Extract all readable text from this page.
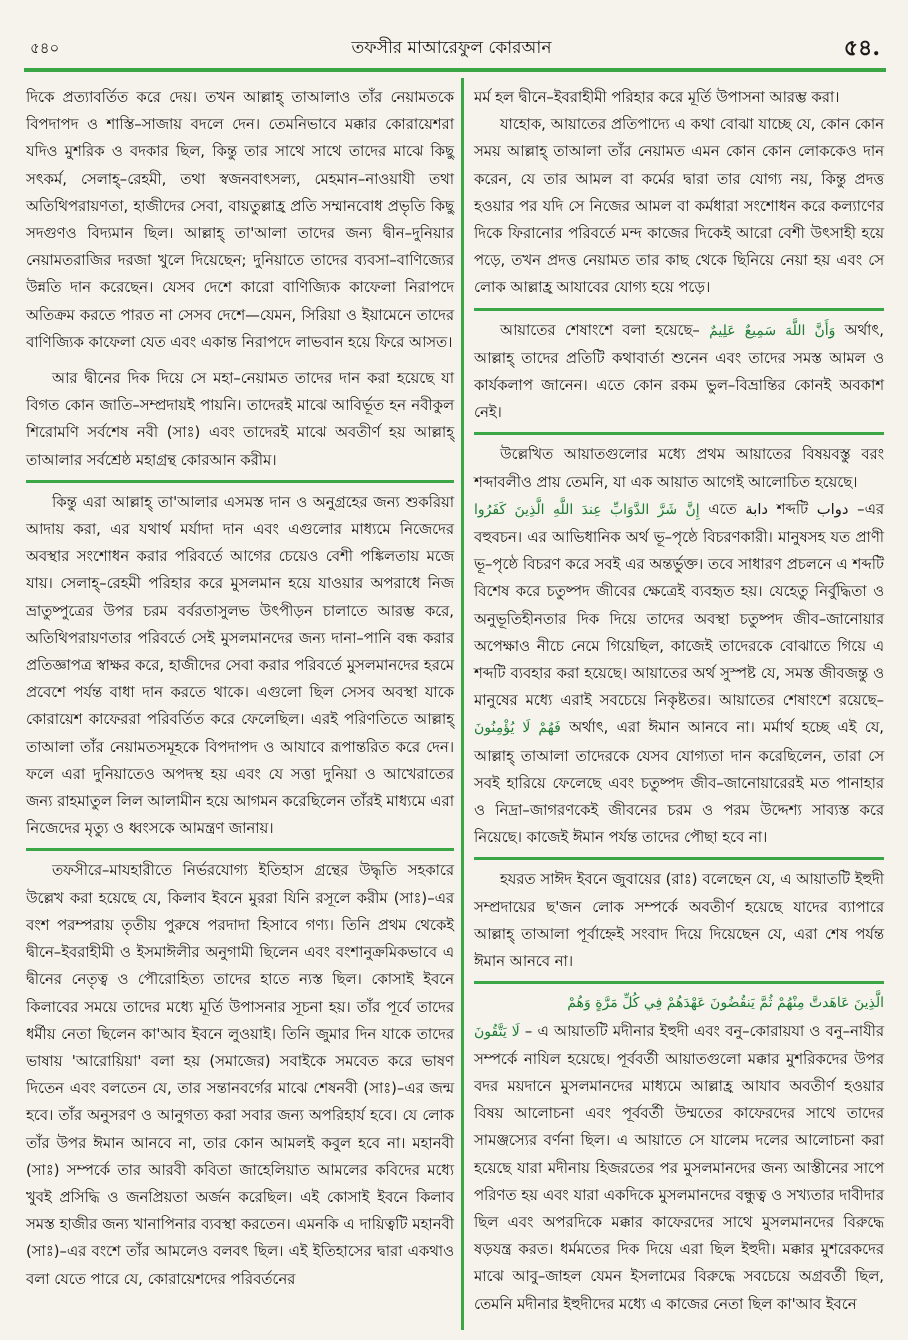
৫৪০	তফসীর মাআরেফুল কোরআন	৫৪.

দিকে প্রত্যাবর্তিত করে দেয়। তখন আল্লাহ্ তাআলাও তাঁর নেয়ামতকে বিপদাপদ ও শাস্তি–সাজায় বদলে দেন। তেমনিভাবে মক্কার কোরায়েশরা যদিও মুশরিক ও বদকার ছিল, কিন্তু তার সাথে সাথে তাদের মাঝে কিছু সৎকর্ম, সেলাহ্–রেহমী, তথা স্বজনবাৎসল্য, মেহমান–নাওয়াযী তথা অতিথিপরায়ণতা, হাজীদের সেবা, বায়তুল্লাহ্র প্রতি সম্মানবোধ প্রভৃতি কিছু সদগুণও বিদ্যমান ছিল। আল্লাহ্ তা'আলা তাদের জন্য দ্বীন–দুনিয়ার নেয়ামতরাজির দরজা খুলে দিয়েছেন; দুনিয়াতে তাদের ব্যবসা–বাণিজ্যের উন্নতি দান করেছেন। যেসব দেশে কারো বাণিজ্যিক কাফেলা নিরাপদে অতিক্রম করতে পারত না সেসব দেশে—যেমন, সিরিয়া ও ইয়ামেনে তাদের বাণিজ্যিক কাফেলা যেত এবং একান্ত নিরাপদে লাভবান হয়ে ফিরে আসত।

আর দ্বীনের দিক দিয়ে সে মহা–নেয়ামত তাদের দান করা হয়েছে যা বিগত কোন জাতি–সম্প্রদায়ই পায়নি। তাদেরই মাঝে আবির্ভূত হন নবীকুল শিরোমণি সর্বশেষ নবী (সাঃ) এবং তাদেরই মাঝে অবতীর্ণ হয় আল্লাহ্ তাআলার সর্বশ্রেষ্ঠ মহাগ্রন্থ কোরআন করীম।

কিন্তু এরা আল্লাহ্ তা'আলার এসমস্ত দান ও অনুগ্রহের জন্য শুকরিয়া আদায় করা, এর যথার্থ মর্যাদা দান এবং এগুলোর মাধ্যমে নিজেদের অবস্থার সংশোধন করার পরিবর্তে আগের চেয়েও বেশী পঙ্কিলতায় মজে যায়। সেলাহ্–রেহমী পরিহার করে মুসলমান হয়ে যাওয়ার অপরাধে নিজ ভ্রাতুষ্পুত্রের উপর চরম বর্বরতাসুলভ উৎপীড়ন চালাতে আরম্ভ করে, অতিথিপরায়ণতার পরিবর্তে সেই মুসলমানদের জন্য দানা–পানি বন্ধ করার প্রতিজ্ঞাপত্র স্বাক্ষর করে, হাজীদের সেবা করার পরিবর্তে মুসলমানদের হরমে প্রবেশে পর্যন্ত বাধা দান করতে থাকে। এগুলো ছিল সেসব অবস্থা যাকে কোরায়েশ কাফেররা পরিবর্তিত করে ফেলেছিল। এরই পরিণতিতে আল্লাহ্ তাআলা তাঁর নেয়ামতসমূহকে বিপদাপদ ও আযাবে রূপান্তরিত করে দেন। ফলে এরা দুনিয়াতেও অপদস্থ হয় এবং যে সত্তা দুনিয়া ও আখেরাতের জন্য রাহমাতুল লিল আলামীন হয়ে আগমন করেছিলেন তাঁরই মাধ্যমে এরা নিজেদের মৃত্যু ও ধ্বংসকে আমন্ত্রণ জানায়।

তফসীরে–মাযহারীতে নির্ভরযোগ্য ইতিহাস গ্রন্থের উদ্ধৃতি সহকারে উল্লেখ করা হয়েছে যে, কিলাব ইবনে মুররা যিনি রসূলে করীম (সাঃ)–এর বংশ পরম্পরায় তৃতীয় পুরুষে পরদাদা হিসাবে গণ্য। তিনি প্রথম থেকেই দ্বীনে–ইবরাহীমী ও ইসমাঈলীর অনুগামী ছিলেন এবং বংশানুক্রমিকভাবে এ দ্বীনের নেতৃত্ব ও পৌরোহিত্য তাদের হাতে ন্যস্ত ছিল। কোসাই ইবনে কিলাবের সময়ে তাদের মধ্যে মূর্তি উপাসনার সূচনা হয়। তাঁর পূর্বে তাদের ধর্মীয় নেতা ছিলেন কা'আব ইবনে লুওয়াই। তিনি জুমার দিন যাকে তাদের ভাষায় 'আরোয়িয়া' বলা হয় (সমাজের) সবাইকে সমবেত করে ভাষণ দিতেন এবং বলতেন যে, তার সন্তানবর্গের মাঝে শেষনবী (সাঃ)–এর জন্ম হবে। তাঁর অনুসরণ ও আনুগত্য করা সবার জন্য অপরিহার্য হবে। যে লোক তাঁর উপর ঈমান আনবে না, তার কোন আমলই কবুল হবে না। মহানবী (সাঃ) সম্পর্কে তার আরবী কবিতা জাহেলিয়াত আমলের কবিদের মধ্যে খুবই প্রসিদ্ধি ও জনপ্রিয়তা অর্জন করেছিল। এই কোসাই ইবনে কিলাব সমস্ত হাজীর জন্য খানাপিনার ব্যবস্থা করতেন। এমনকি এ দায়িত্বটি মহানবী (সাঃ)–এর বংশে তাঁর আমলেও বলবৎ ছিল। এই ইতিহাসের দ্বারা একথাও বলা যেতে পারে যে, কোরায়েশদের পরিবর্তনের

মর্ম হল দ্বীনে–ইবরাহীমী পরিহার করে মূর্তি উপাসনা আরম্ভ করা।

যাহোক, আয়াতের প্রতিপাদ্যে এ কথা বোঝা যাচ্ছে যে, কোন কোন সময় আল্লাহ্ তাআলা তাঁর নেয়ামত এমন কোন কোন লোককেও দান করেন, যে তার আমল বা কর্মের দ্বারা তার যোগ্য নয়, কিন্তু প্রদত্ত হওয়ার পর যদি সে নিজের আমল বা কর্মধারা সংশোধন করে কল্যাণের দিকে ফিরানোর পরিবর্তে মন্দ কাজের দিকেই আরো বেশী উৎসাহী হয়ে পড়ে, তখন প্রদত্ত নেয়ামত তার কাছ থেকে ছিনিয়ে নেয়া হয় এবং সে লোক আল্লাহ্র আযাবের যোগ্য হয়ে পড়ে।

আয়াতের শেষাংশে বলা হয়েছে– وَأَنَّ اللَّهَ سَمِيعٌ عَلِيمٌ অর্থাৎ, আল্লাহ্ তাদের প্রতিটি কথাবার্তা শুনেন এবং তাদের সমস্ত আমল ও কার্যকলাপ জানেন। এতে কোন রকম ভুল–বিভ্রান্তির কোনই অবকাশ নেই।

উল্লেখিত আয়াতগুলোর মধ্যে প্রথম আয়াতের বিষয়বস্তু বরং শব্দাবলীও প্রায় তেমনি, যা এক আয়াত আগেই আলোচিত হয়েছে।

إِنَّ شَرَّ الدَّوَابِّ عِندَ اللَّهِ الَّذِينَ كَفَرُوا এতে دابة শব্দটি دواب –এর বহুবচন। এর আভিধানিক অর্থ ভূ–পৃষ্ঠে বিচরণকারী। মানুষসহ যত প্রাণী ভূ–পৃষ্ঠে বিচরণ করে সবই এর অন্তর্ভুক্ত। তবে সাধারণ প্রচলনে এ শব্দটি বিশেষ করে চতুষ্পদ জীবের ক্ষেত্রেই ব্যবহৃত হয়। যেহেতু নির্বুদ্ধিতা ও অনুভূতিহীনতার দিক দিয়ে তাদের অবস্থা চতুষ্পদ জীব–জানোয়ার অপেক্ষাও নীচে নেমে গিয়েছিল, কাজেই তাদেরকে বোঝাতে গিয়ে এ শব্দটি ব্যবহার করা হয়েছে। আয়াতের অর্থ সুস্পষ্ট যে, সমস্ত জীবজন্তু ও মানুষের মধ্যে এরাই সবচেয়ে নিকৃষ্টতর। আয়াতের শেষাংশে রয়েছে– فَهُمْ لَا يُؤْمِنُونَ অর্থাৎ, এরা ঈমান আনবে না। মর্মার্থ হচ্ছে এই যে, আল্লাহ্ তাআলা তাদেরকে যেসব যোগ্যতা দান করেছিলেন, তারা সে সবই হারিয়ে ফেলেছে এবং চতুষ্পদ জীব–জানোয়ারেরই মত পানাহার ও নিদ্রা–জাগরণকেই জীবনের চরম ও পরম উদ্দেশ্য সাব্যস্ত করে নিয়েছে। কাজেই ঈমান পর্যন্ত তাদের পৌছা হবে না।

হযরত সাঈদ ইবনে জুবায়ের (রাঃ) বলেছেন যে, এ আয়াতটি ইহুদী সম্প্রদায়ের ছ'জন লোক সম্পর্কে অবতীর্ণ হয়েছে যাদের ব্যাপারে আল্লাহ্ তাআলা পূর্বাহ্নেই সংবাদ দিয়ে দিয়েছেন যে, এরা শেষ পর্যন্ত ঈমান আনবে না।

الَّذِينَ عَاهَدتَّ مِنْهُمْ ثُمَّ يَنقُضُونَ عَهْدَهُمْ فِي كُلِّ مَرَّةٍ وَهُمْ
لَا يَتَّقُونَ – এ আয়াতটি মদীনার ইহুদী এবং বনু–কোরায়যা ও বনু–নাযীর সম্পর্কে নাযিল হয়েছে। পূর্ববর্তী আয়াতগুলো মক্কার মুশরিকদের উপর বদর ময়দানে মুসলমানদের মাধ্যমে আল্লাহ্র আযাব অবতীর্ণ হওয়ার বিষয় আলোচনা এবং পূর্ববর্তী উম্মতের কাফেরদের সাথে তাদের সামঞ্জস্যের বর্ণনা ছিল। এ আয়াতে সে যালেম দলের আলোচনা করা হয়েছে যারা মদীনায় হিজরতের পর মুসলমানদের জন্য আস্তীনের সাপে পরিণত হয় এবং যারা একদিকে মুসলমানদের বন্ধুত্ব ও সখ্যতার দাবীদার ছিল এবং অপরদিকে মক্কার কাফেরদের সাথে মুসলমানদের বিরুদ্ধে ষড়যন্ত্র করত। ধর্মমতের দিক দিয়ে এরা ছিল ইহুদী। মক্কার মুশরেকদের মাঝে আবু–জাহল যেমন ইসলামের বিরুদ্ধে সবচেয়ে অগ্রবর্তী ছিল, তেমনি মদীনার ইহুদীদের মধ্যে এ কাজের নেতা ছিল কা'আব ইবনে
